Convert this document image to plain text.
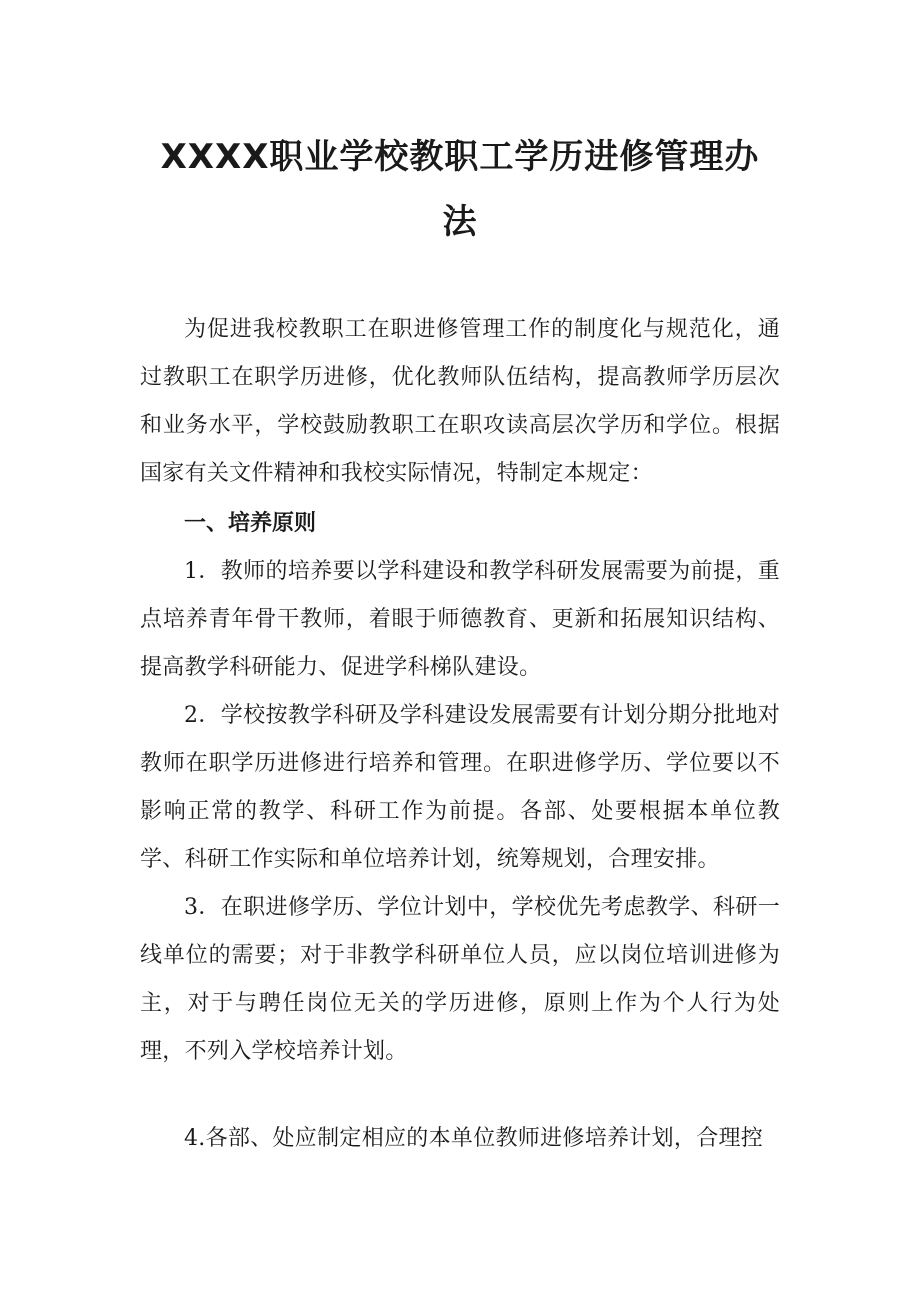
XXXX职业学校教职工学历进修管理办
法

为促进我校教职工在职进修管理工作的制度化与规范化，通过教职工在职学历进修，优化教师队伍结构，提高教师学历层次和业务水平，学校鼓励教职工在职攻读高层次学历和学位。根据国家有关文件精神和我校实际情况，特制定本规定：

一、培养原则

1．教师的培养要以学科建设和教学科研发展需要为前提，重点培养青年骨干教师，着眼于师德教育、更新和拓展知识结构、提高教学科研能力、促进学科梯队建设。

2．学校按教学科研及学科建设发展需要有计划分期分批地对教师在职学历进修进行培养和管理。在职进修学历、学位要以不影响正常的教学、科研工作为前提。各部、处要根据本单位教学、科研工作实际和单位培养计划，统筹规划，合理安排。

3．在职进修学历、学位计划中，学校优先考虑教学、科研一线单位的需要；对于非教学科研单位人员，应以岗位培训进修为主，对于与聘任岗位无关的学历进修，原则上作为个人行为处理，不列入学校培养计划。

4.各部、处应制定相应的本单位教师进修培养计划，合理控
